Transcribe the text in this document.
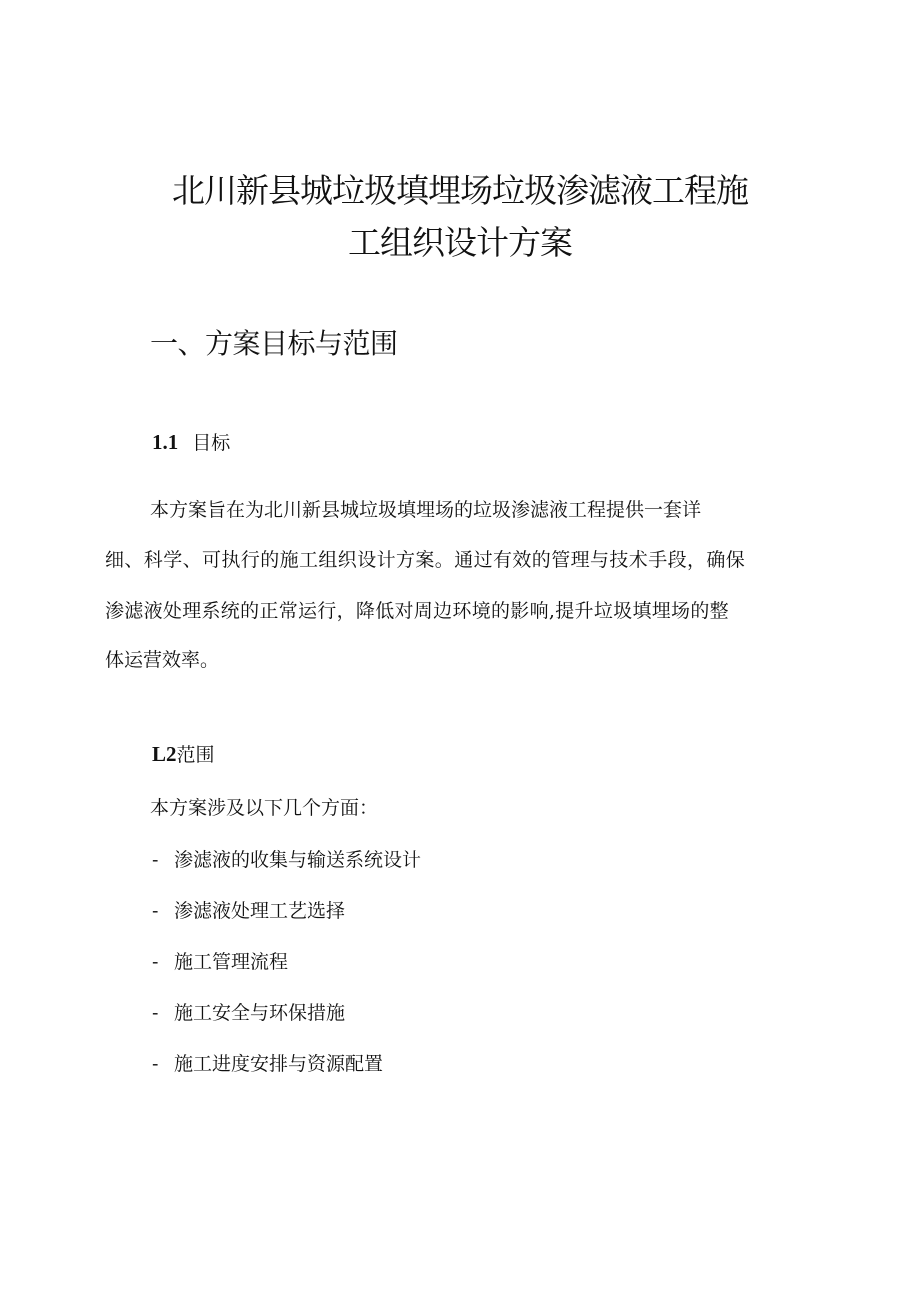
北川新县城垃圾填埋场垃圾渗滤液工程施
工组织设计方案
一、方案目标与范围
1.1 目标
本方案旨在为北川新县城垃圾填埋场的垃圾渗滤液工程提供一套详
细、科学、可执行的施工组织设计方案。通过有效的管理与技术手段，确保
渗滤液处理系统的正常运行，降低对周边环境的影响,提升垃圾填埋场的整
体运营效率。
L2范围
本方案涉及以下几个方面：
- 渗滤液的收集与输送系统设计
- 渗滤液处理工艺选择
- 施工管理流程
- 施工安全与环保措施
- 施工进度安排与资源配置
